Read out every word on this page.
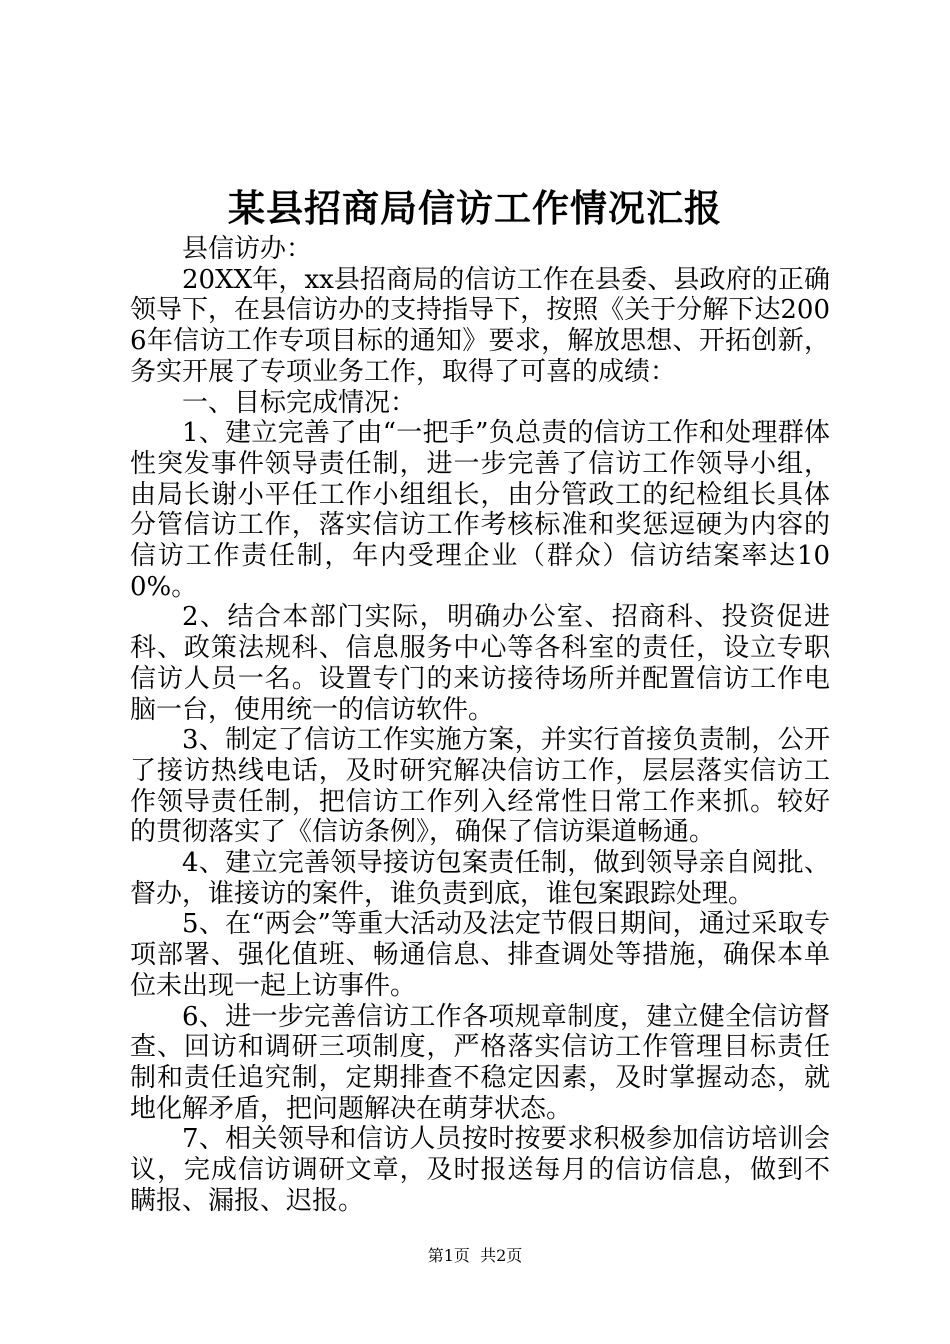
某县招商局信访工作情况汇报

县信访办：

20XX年，xx县招商局的信访工作在县委、县政府的正确领导下，在县信访办的支持指导下，按照《关于分解下达2006年信访工作专项目标的通知》要求，解放思想、开拓创新，务实开展了专项业务工作，取得了可喜的成绩：

一、目标完成情况：

1、建立完善了由“一把手”负总责的信访工作和处理群体性突发事件领导责任制，进一步完善了信访工作领导小组，由局长谢小平任工作小组组长，由分管政工的纪检组长具体分管信访工作，落实信访工作考核标准和奖惩逗硬为内容的信访工作责任制，年内受理企业（群众）信访结案率达100%。

2、结合本部门实际，明确办公室、招商科、投资促进科、政策法规科、信息服务中心等各科室的责任，设立专职信访人员一名。设置专门的来访接待场所并配置信访工作电脑一台，使用统一的信访软件。

3、制定了信访工作实施方案，并实行首接负责制，公开了接访热线电话，及时研究解决信访工作，层层落实信访工作领导责任制，把信访工作列入经常性日常工作来抓。较好的贯彻落实了《信访条例》，确保了信访渠道畅通。

4、建立完善领导接访包案责任制，做到领导亲自阅批、督办，谁接访的案件，谁负责到底，谁包案跟踪处理。

5、在“两会”等重大活动及法定节假日期间，通过采取专项部署、强化值班、畅通信息、排查调处等措施，确保本单位未出现一起上访事件。

6、进一步完善信访工作各项规章制度，建立健全信访督查、回访和调研三项制度，严格落实信访工作管理目标责任制和责任追究制，定期排查不稳定因素，及时掌握动态，就地化解矛盾，把问题解决在萌芽状态。

7、相关领导和信访人员按时按要求积极参加信访培训会议，完成信访调研文章，及时报送每月的信访信息，做到不瞒报、漏报、迟报。

第1页  共2页
